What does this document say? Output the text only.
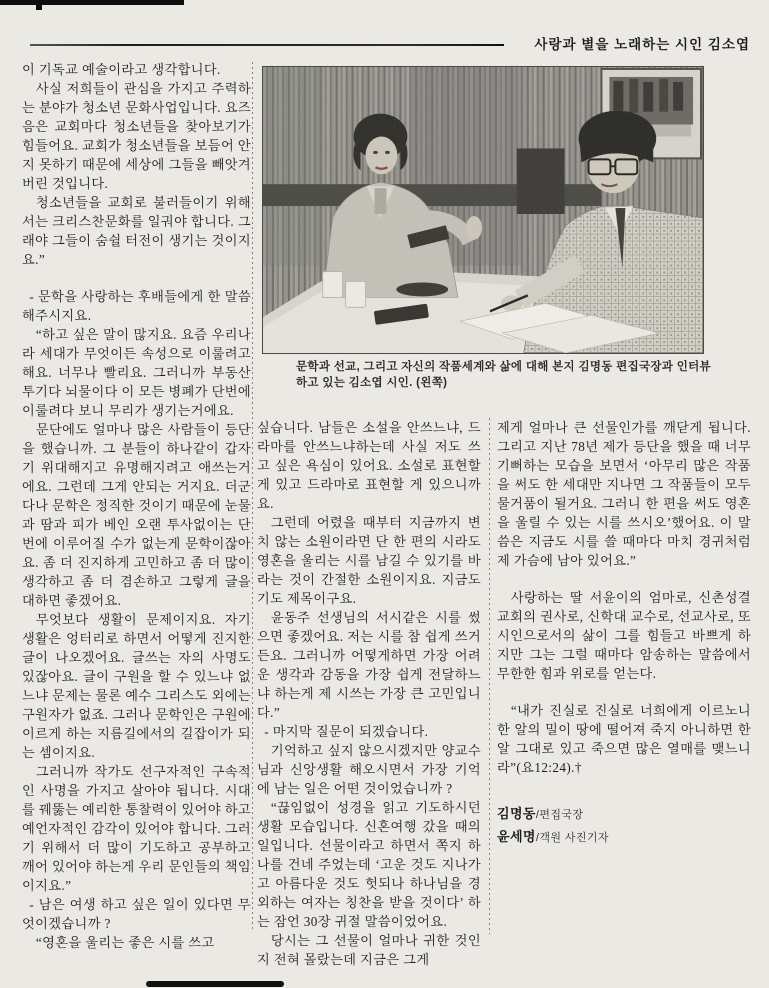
사랑과 별을 노래하는 시인 김소엽

이 기독교 예술이라고 생각합니다.

사실 저희들이 관심을 가지고 주력하는 분야가 청소년 문화사업입니다. 요즈음은 교회마다 청소년들을 찾아보기가 힘들어요. 교회가 청소년들을 보듬어 안지 못하기 때문에 세상에 그들을 빼앗겨버린 것입니다.

청소년들을 교회로 불러들이기 위해서는 크리스찬문화를 일궈야 합니다. 그래야 그들이 숨쉴 터전이 생기는 것이지요.”

- 문학을 사랑하는 후배들에게 한 말씀 해주시지요.

“하고 싶은 말이 많지요. 요즘 우리나라 세대가 무엇이든 속성으로 이룰려고 해요. 너무나 빨리요. 그러니까 부동산 투기다 뇌물이다 이 모든 병폐가 단번에 이룰려다 보니 무리가 생기는거에요.

문단에도 얼마나 많은 사람들이 등단을 했습니까. 그 분들이 하나같이 갑자기 위대해지고 유명해지려고 애쓰는거에요. 그런데 그게 안되는 거지요. 더군다나 문학은 정직한 것이기 때문에 눈물과 땀과 피가 베인 오랜 투사없이는 단번에 이루어질 수가 없는게 문학이잖아요. 좀 더 진지하게 고민하고 좀 더 많이 생각하고 좀 더 겸손하고 그렇게 글을 대하면 좋겠어요.

무엇보다 생활이 문제이지요. 자기 생활은 엉터리로 하면서 어떻게 진지한 글이 나오겠어요. 글쓰는 자의 사명도 있잖아요. 글이 구원을 할 수 있느냐 없느냐 문제는 물론 예수 그리스도 외에는 구원자가 없죠. 그러나 문학인은 구원에 이르게 하는 지름길에서의 길잡이가 되는 셈이지요.

그러니까 작가도 선구자적인 구속적인 사명을 가지고 살아야 됩니다. 시대를 꿰뚫는 예리한 통찰력이 있어야 하고 예언자적인 감각이 있어야 합니다. 그러기 위해서 더 많이 기도하고 공부하고 깨어 있어야 하는게 우리 문인들의 책임이지요.”

- 남은 여생 하고 싶은 일이 있다면 무엇이겠습니까 ?

“영혼을 울리는 좋은 시를 쓰고

문학과 선교, 그리고 자신의 작품세계와 삶에 대해 본지 김명동 편집국장과 인터뷰하고 있는 김소엽 시인. (왼쪽)

싶습니다. 남들은 소설을 안쓰느냐, 드라마를 안쓰느냐하는데 사실 저도 쓰고 싶은 욕심이 있어요. 소설로 표현할게 있고 드라마로 표현할 게 있으니까요.

그런데 어렸을 때부터 지금까지 변치 않는 소원이라면 단 한 편의 시라도 영혼을 울리는 시를 남길 수 있기를 바라는 것이 간절한 소원이지요. 지금도 기도 제목이구요.

윤동주 선생님의 서시같은 시를 썼으면 좋겠어요. 저는 시를 참 쉽게 쓰거든요. 그러니까 어떻게하면 가장 어려운 생각과 감동을 가장 쉽게 전달하느냐 하는게 제 시쓰는 가장 큰 고민입니다.”

- 마지막 질문이 되겠습니다.

기억하고 싶지 않으시겠지만 양교수님과 신앙생활 해오시면서 가장 기억에 남는 일은 어떤 것이었습니까 ?

“끊임없이 성경을 읽고 기도하시던 생활 모습입니다. 신혼여행 갔을 때의 일입니다. 선물이라고 하면서 쪽지 하나를 건네 주었는데 ‘고운 것도 지나가고 아름다운 것도 헛되나 하나님을 경외하는 여자는 칭찬을 받을 것이다’ 하는 잠언 30장 귀절 말씀이었어요.

당시는 그 선물이 얼마나 귀한 것인지 전혀 몰랐는데 지금은 그게

제게 얼마나 큰 선물인가를 깨닫게 됩니다. 그리고 지난 78년 제가 등단을 했을 때 너무 기뻐하는 모습을 보면서 ‘아무리 많은 작품을 써도 한 세대만 지나면 그 작품들이 모두 물거품이 될거요. 그러니 한 편을 써도 영혼을 울릴 수 있는 시를 쓰시오’했어요. 이 말씀은 지금도 시를 쓸 때마다 마치 경귀처럼 제 가슴에 남아 있어요.”

사랑하는 딸 서윤이의 엄마로, 신촌성결교회의 권사로, 신학대 교수로, 선교사로, 또 시인으로서의 삶이 그를 힘들고 바쁘게 하지만 그는 그럴 때마다 암송하는 말씀에서 무한한 힘과 위로를 얻는다.

“내가 진실로 진실로 너희에게 이르노니 한 알의 밀이 땅에 떨어져 죽지 아니하면 한 알 그대로 있고 죽으면 많은 열매를 맺느니라”(요12:24).†

김명동/편집국장
윤세명/객원 사진기자
